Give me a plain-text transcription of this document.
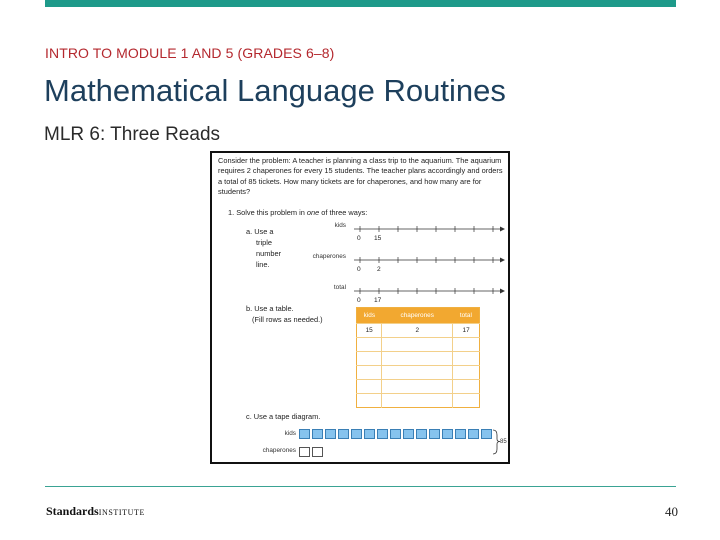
INTRO TO MODULE 1 AND 5 (GRADES 6–8)
Mathematical Language Routines
MLR 6: Three Reads
Consider the problem: A teacher is planning a class trip to the aquarium. The aquarium requires 2 chaperones for every 15 students. The teacher plans accordingly and orders a total of 85 tickets. How many tickets are for chaperones, and how many are for students?
1. Solve this problem in one of three ways:
a. Use a
triple
number
line.
kids
chaperones
total
0 15
0 2
0 17
b. Use a table.
(Fill rows as needed.)	kids	chaperones	total
15	2	17

c. Use a tape diagram.
kids
85
chaperones
StandardsINSTITUTE	40
